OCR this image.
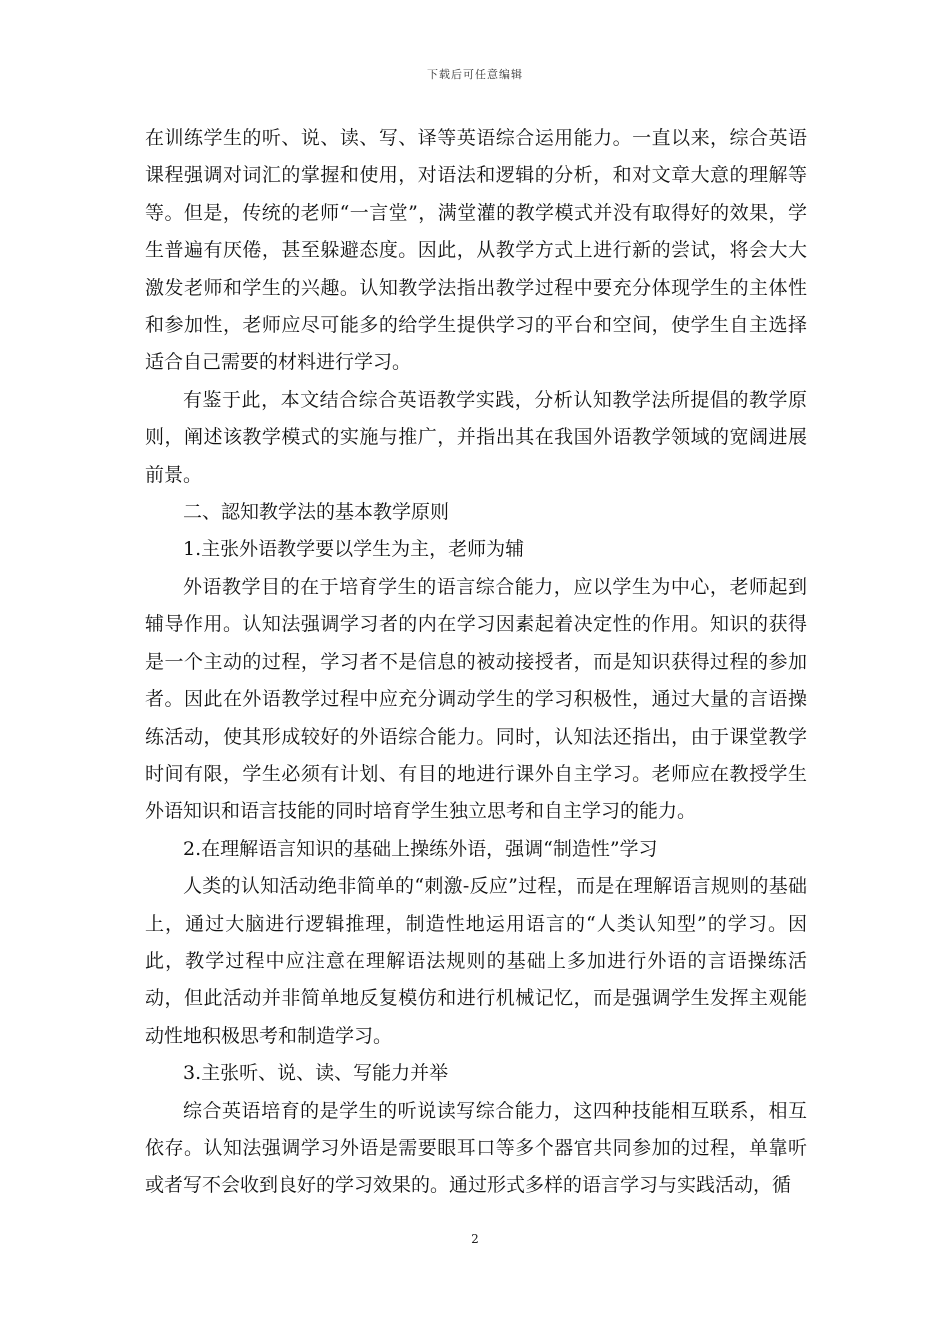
下载后可任意编辑

在训练学生的听、说、读、写、译等英语综合运用能力。一直以来，综合英语课程强调对词汇的掌握和使用，对语法和逻辑的分析，和对文章大意的理解等等。但是，传统的老师“一言堂”，满堂灌的教学模式并没有取得好的效果，学生普遍有厌倦，甚至躲避态度。因此，从教学方式上进行新的尝试，将会大大激发老师和学生的兴趣。认知教学法指出教学过程中要充分体现学生的主体性和参加性，老师应尽可能多的给学生提供学习的平台和空间，使学生自主选择适合自己需要的材料进行学习。

有鉴于此，本文结合综合英语教学实践，分析认知教学法所提倡的教学原则，阐述该教学模式的实施与推广，并指出其在我国外语教学领域的宽阔进展前景。

二、認知教学法的基本教学原则

1.主张外语教学要以学生为主，老师为辅

外语教学目的在于培育学生的语言综合能力，应以学生为中心，老师起到辅导作用。认知法强调学习者的内在学习因素起着决定性的作用。知识的获得是一个主动的过程，学习者不是信息的被动接授者，而是知识获得过程的参加者。因此在外语教学过程中应充分调动学生的学习积极性，通过大量的言语操练活动，使其形成较好的外语综合能力。同时，认知法还指出，由于课堂教学时间有限，学生必须有计划、有目的地进行课外自主学习。老师应在教授学生外语知识和语言技能的同时培育学生独立思考和自主学习的能力。

2.在理解语言知识的基础上操练外语，强调“制造性”学习

人类的认知活动绝非简单的“刺激-反应”过程，而是在理解语言规则的基础上，通过大脑进行逻辑推理，制造性地运用语言的“人类认知型”的学习。因此，教学过程中应注意在理解语法规则的基础上多加进行外语的言语操练活动，但此活动并非简单地反复模仿和进行机械记忆，而是强调学生发挥主观能动性地积极思考和制造学习。

3.主张听、说、读、写能力并举

综合英语培育的是学生的听说读写综合能力，这四种技能相互联系，相互依存。认知法强调学习外语是需要眼耳口等多个器官共同参加的过程，单靠听或者写不会收到良好的学习效果的。通过形式多样的语言学习与实践活动，循

2
